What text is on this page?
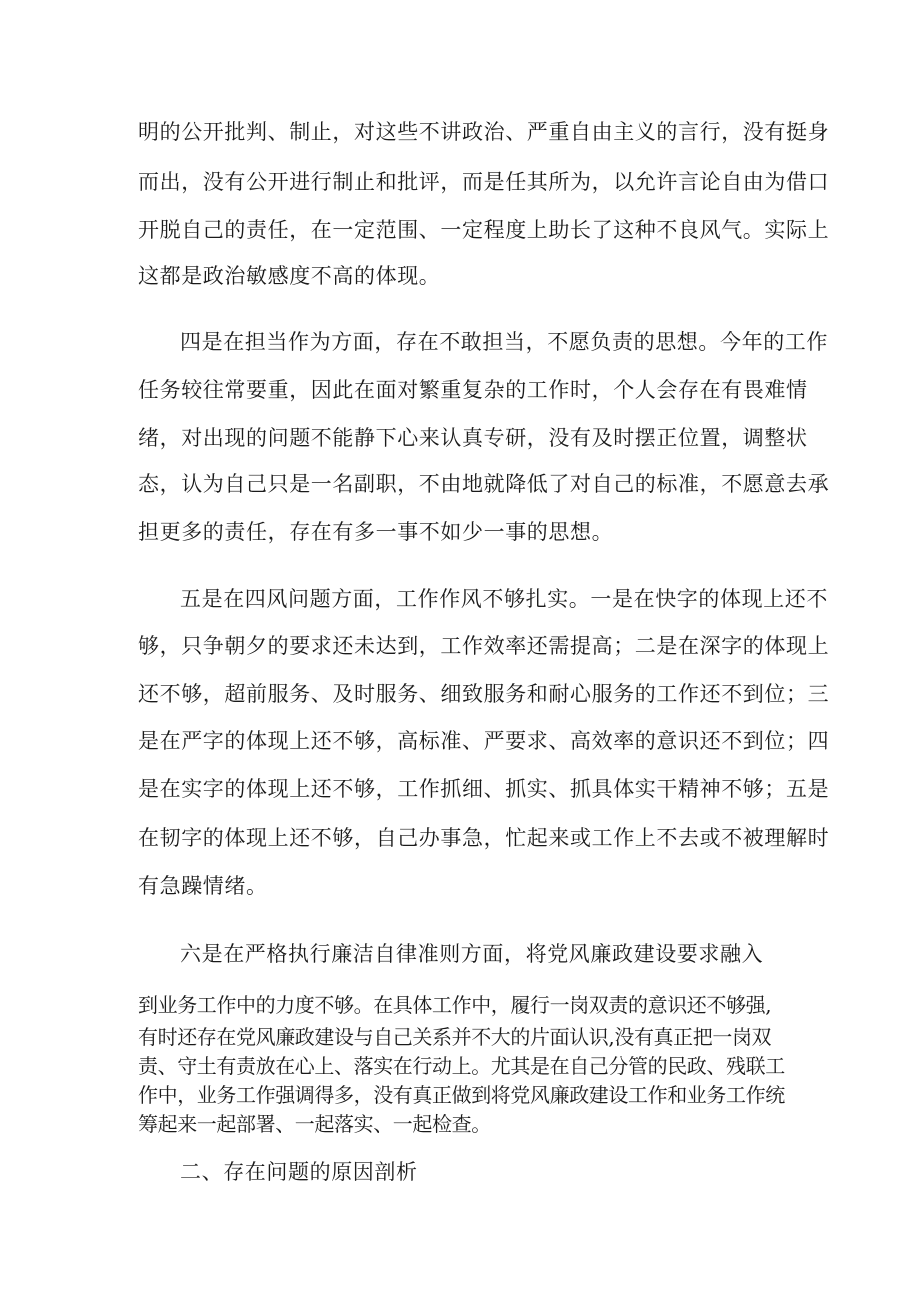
明的公开批判、制止，对这些不讲政治、严重自由主义的言行，没有挺身
而出，没有公开进行制止和批评，而是任其所为，以允许言论自由为借口
开脱自己的责任，在一定范围、一定程度上助长了这种不良风气。实际上
这都是政治敏感度不高的体现。
四是在担当作为方面，存在不敢担当，不愿负责的思想。今年的工作
任务较往常要重，因此在面对繁重复杂的工作时，个人会存在有畏难情
绪，对出现的问题不能静下心来认真专研，没有及时摆正位置，调整状
态，认为自己只是一名副职，不由地就降低了对自己的标准，不愿意去承
担更多的责任，存在有多一事不如少一事的思想。
五是在四风问题方面，工作作风不够扎实。一是在快字的体现上还不
够，只争朝夕的要求还未达到，工作效率还需提高；二是在深字的体现上
还不够，超前服务、及时服务、细致服务和耐心服务的工作还不到位；三
是在严字的体现上还不够，高标准、严要求、高效率的意识还不到位；四
是在实字的体现上还不够，工作抓细、抓实、抓具体实干精神不够；五是
在韧字的体现上还不够，自己办事急，忙起来或工作上不去或不被理解时
有急躁情绪。
六是在严格执行廉洁自律准则方面，将党风廉政建设要求融入
到业务工作中的力度不够。在具体工作中，履行一岗双责的意识还不够强,
有时还存在党风廉政建设与自己关系并不大的片面认识,没有真正把一岗双
责、守土有责放在心上、落实在行动上。尤其是在自己分管的民政、残联工
作中，业务工作强调得多，没有真正做到将党风廉政建设工作和业务工作统
筹起来一起部署、一起落实、一起检查。
二、存在问题的原因剖析
